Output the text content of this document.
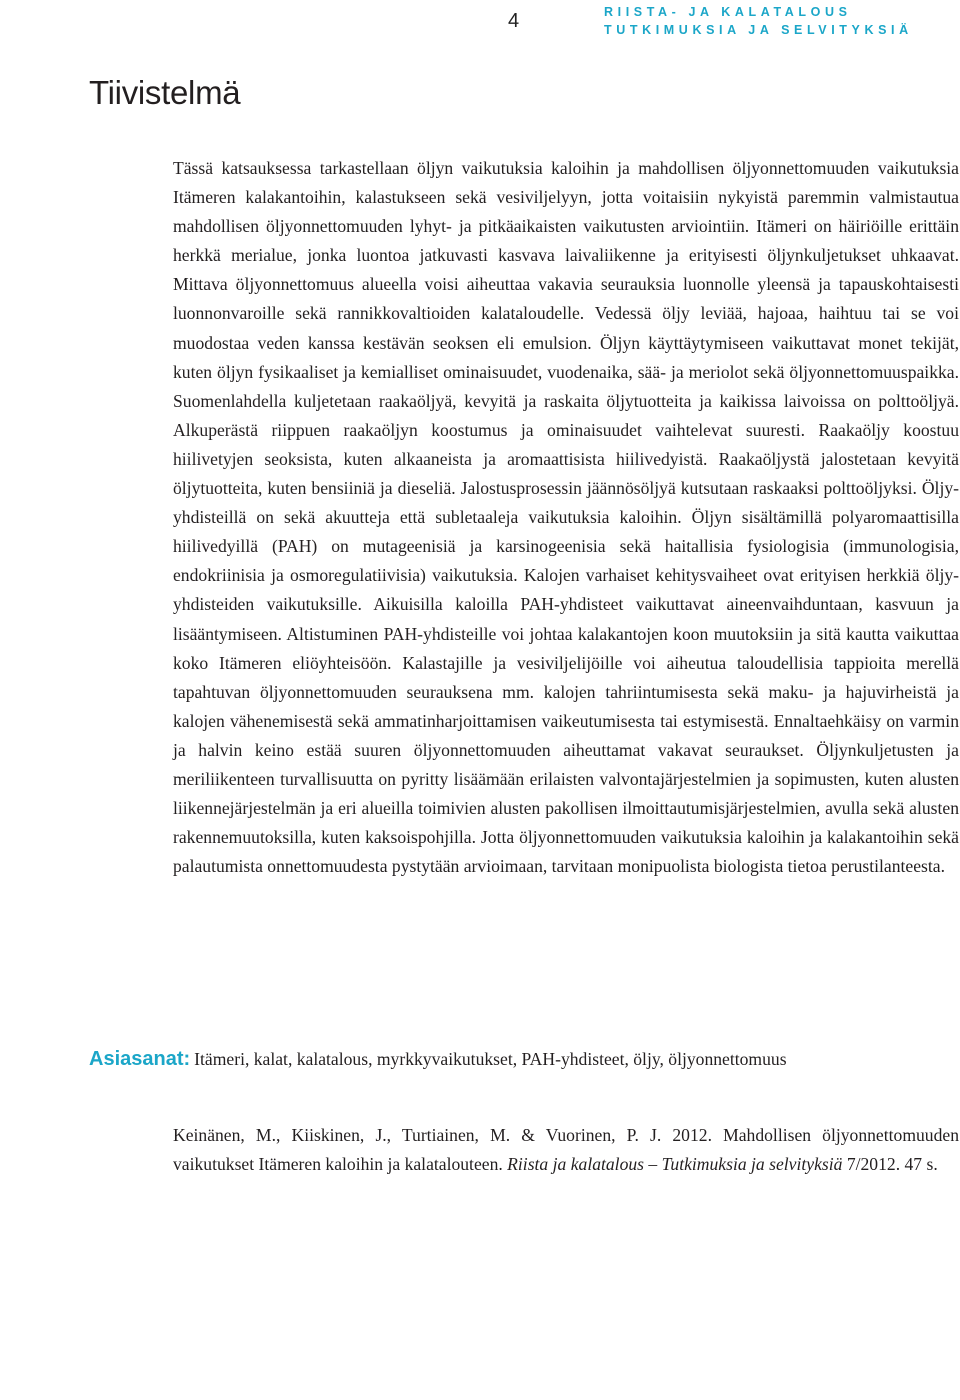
4	RIISTA- JA KALATALOUS
TUTKIMUKSIA JA SELVITYKSIÄ
Tiivistelmä

Tässä katsauksessa tarkastellaan öljyn vaikutuksia kaloihin ja mahdollisen öljyonnettomuuden vaikutuksia Itämeren kalakantoihin, kalastukseen sekä vesiviljelyyn, jotta voitaisiin nykyistä paremmin valmistautua mahdollisen öljyonnettomuuden lyhyt- ja pitkäaikaisten vaikutusten arviointiin. Itämeri on häiriöille erittäin herkkä merialue, jonka luontoa jatkuvasti kasvava laivaliikenne ja erityisesti öljynkuljetukset uhkaavat. Mittava öljyonnettomuus alueella voisi aiheuttaa vakavia seurauksia luonnolle yleensä ja tapauskohtaisesti luonnonvaroille sekä rannikkovaltioiden kalataloudelle. Vedessä öljy leviää, hajoaa, haihtuu tai se voi muodostaa veden kanssa kestävän seoksen eli emulsion. Öljyn käyttäytymiseen vaikuttavat monet tekijät, kuten öljyn fysikaaliset ja kemialliset ominaisuudet, vuodenaika, sää- ja meriolot sekä öljyonnettomuuspaikka. Suomenlahdella kuljetetaan raakaöljyä, kevyitä ja raskaita öljytuotteita ja kaikissa laivoissa on polttoöljyä. Alkuperästä riippuen raakaöljyn koostumus ja ominaisuudet vaihtelevat suuresti. Raakaöljy koostuu hiilivetyjen seoksista, kuten alkaaneista ja aromaattisista hiilivedyistä. Raakaöljystä jalostetaan kevyitä öljytuotteita, kuten bensiiniä ja dieseliä. Jalostusprosessin jäännösöljyä kutsutaan raskaaksi polttoöljyksi. Öljy-yhdisteillä on sekä akuutteja että subletaaleja vaikutuksia kaloihin. Öljyn sisältämillä polyaromaattisilla hiilivedyillä (PAH) on mutageenisiä ja karsinogeenisia sekä haitallisia fysiologisia (immunologisia, endokriinisia ja osmoregulatiivisia) vaikutuksia. Kalojen varhaiset kehitysvaiheet ovat erityisen herkkiä öljy-yhdisteiden vaikutuksille. Aikuisilla kaloilla PAH-yhdisteet vaikuttavat aineenvaihduntaan, kasvuun ja lisääntymiseen. Altistuminen PAH-yhdisteille voi johtaa kalakantojen koon muutoksiin ja sitä kautta vaikuttaa koko Itämeren eliöyhteisöön. Kalastajille ja vesiviljelijöille voi aiheutua taloudellisia tappioita merellä tapahtuvan öljyonnettomuuden seurauksena mm. kalojen tahriintumisesta sekä maku- ja hajuvirheistä ja kalojen vähenemisestä sekä ammatinharjoittamisen vaikeutumisesta tai estymisestä. Ennaltaehkäisy on varmin ja halvin keino estää suuren öljyonnettomuuden aiheuttamat vakavat seuraukset. Öljynkuljetusten ja meriliikenteen turvallisuutta on pyritty lisäämään erilaisten valvontajärjestelmien ja sopimusten, kuten alusten liikennejärjestelmän ja eri alueilla toimivien alusten pakollisen ilmoittautumisjärjestelmien, avulla sekä alusten rakennemuutoksilla, kuten kaksoispohjilla. Jotta öljyonnettomuuden vaikutuksia kaloihin ja kalakantoihin sekä palautumista onnettomuudesta pystytään arvioimaan, tarvitaan monipuolista biologista tietoa perustilanteesta.

Asiasanat: Itämeri, kalat, kalatalous, myrkkyvaikutukset, PAH-yhdisteet, öljy, öljyonnettomuus

Keinänen, M., Kiiskinen, J., Turtiainen, M. & Vuorinen, P. J. 2012. Mahdollisen öljyonnettomuuden vaikutukset Itämeren kaloihin ja kalatalouteen. Riista ja kalatalous – Tutkimuksia ja selvityksiä 7/2012. 47 s.
